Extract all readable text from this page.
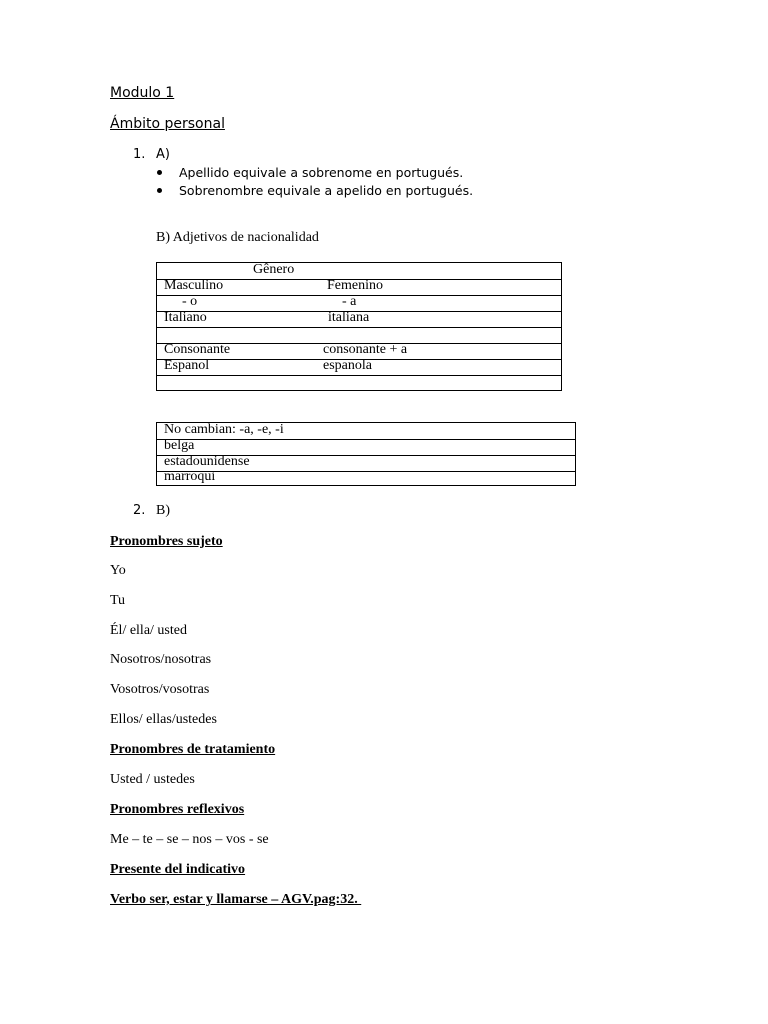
Modulo 1
Ámbito personal
1. A)
Apellido equivale a sobrenome en portugués.
Sobrenombre equivale a apelido en portugués.
B) Adjetivos de nacionalidad
Gênero
Masculino	Femenino
- o	- a
Italiano	italiana
Consonante	consonante + a
Espanol	espanola
No cambian: -a, -e, -i
belga
estadounidense
marroqui
2. B)
Pronombres sujeto
Yo
Tu
Él/ ella/ usted
Nosotros/nosotras
Vosotros/vosotras
Ellos/ ellas/ustedes
Pronombres de tratamiento
Usted / ustedes
Pronombres reflexivos
Me – te – se – nos – vos - se
Presente del indicativo
Verbo ser, estar y llamarse – AGV.pag:32.
